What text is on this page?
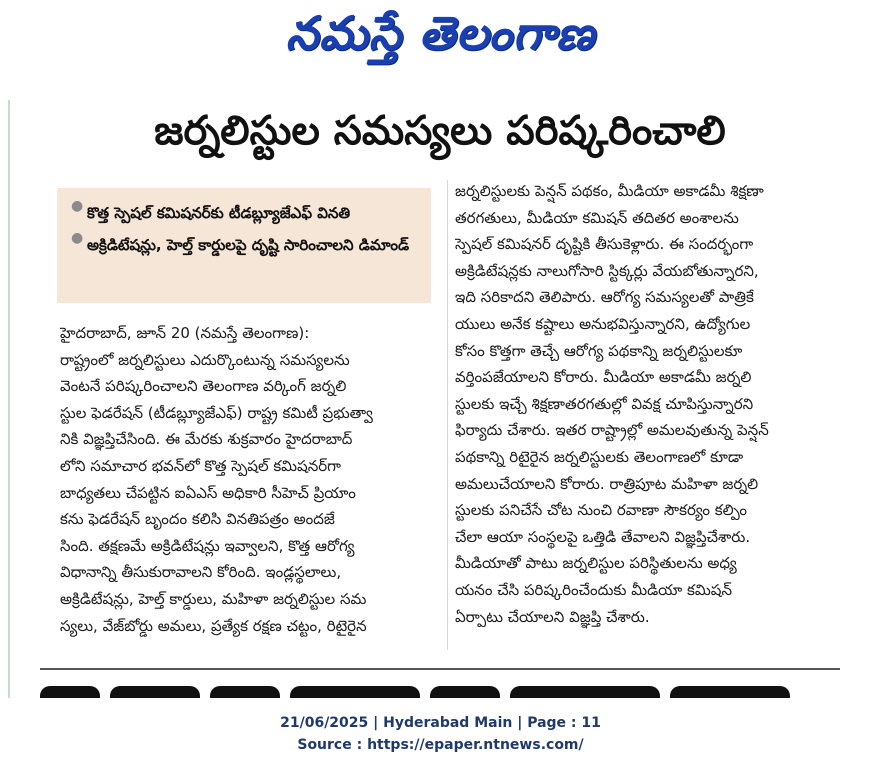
నమస్తే తెలంగాణ
జర్నలిస్టుల సమస్యలు పరిష్కరించాలి
● కొత్త స్పెషల్ కమిషనర్‌కు టీడబ్ల్యూజేఎఫ్ వినతి
● అక్రిడిటేషన్లు, హెల్త్ కార్డులపై దృష్టి సారించాలని డిమాండ్
హైదరాబాద్, జూన్ 20 (నమస్తే తెలంగాణ):
రాష్ట్రంలో జర్నలిస్టులు ఎదుర్కొంటున్న సమస్యలను
వెంటనే పరిష్కరించాలని తెలంగాణ వర్కింగ్ జర్నలి
స్టుల ఫెడరేషన్ (టీడబ్ల్యూజేఎఫ్) రాష్ట్ర కమిటీ ప్రభుత్వా
నికి విజ్ఞప్తిచేసింది. ఈ మేరకు శుక్రవారం హైదరాబాద్
లోని సమాచార భవన్‌లో కొత్త స్పెషల్ కమిషనర్‌గా
బాధ్యతలు చేపట్టిన ఐఏఎస్ అధికారి సీహెచ్ ప్రియాం
కను ఫెడరేషన్ బృందం కలిసి వినతిపత్రం అందజే
సింది. తక్షణమే అక్రిడిటేషన్లు ఇవ్వాలని, కొత్త ఆరోగ్య
విధానాన్ని తీసుకురావాలని కోరింది. ఇండ్లస్థలాలు,
అక్రిడిటేషన్లు, హెల్త్ కార్డులు, మహిళా జర్నలిస్టుల సమ
స్యలు, వేజ్‌బోర్డు అమలు, ప్రత్యేక రక్షణ చట్టం, రిటైరైన
జర్నలిస్టులకు పెన్షన్ పథకం, మీడియా అకాడమీ శిక్షణా
తరగతులు, మీడియా కమిషన్ తదితర అంశాలను
స్పెషల్ కమిషనర్ దృష్టికి తీసుకెళ్లారు. ఈ సందర్భంగా
అక్రిడిటేషన్లకు నాలుగోసారి స్టిక్కర్లు వేయబోతున్నారని,
ఇది సరికాదని తెలిపారు. ఆరోగ్య సమస్యలతో పాత్రికే
యులు అనేక కష్టాలు అనుభవిస్తున్నారని, ఉద్యోగుల
కోసం కొత్తగా తెచ్చే ఆరోగ్య పథకాన్ని జర్నలిస్టులకూ
వర్తింపజేయాలని కోరారు. మీడియా అకాడమీ జర్నలి
స్టులకు ఇచ్చే శిక్షణాతరగతుల్లో వివక్ష చూపిస్తున్నారని
ఫిర్యాదు చేశారు. ఇతర రాష్ట్రాల్లో అమలవుతున్న పెన్షన్
పథకాన్ని రిటైరైన జర్నలిస్టులకు తెలంగాణలో కూడా
అమలుచేయాలని కోరారు. రాత్రిపూట మహిళా జర్నలి
స్టులకు పనిచేసే చోట నుంచి రవాణా సౌకర్యం కల్పిం
చేలా ఆయా సంస్థలపై ఒత్తిడి తేవాలని విజ్ఞప్తిచేశారు.
మీడియాతో పాటు జర్నలిస్టుల పరిస్థితులను అధ్య
యనం చేసి పరిష్కరించేందుకు మీడియా కమిషన్
ఏర్పాటు చేయాలని విజ్ఞప్తి చేశారు.
21/06/2025 | Hyderabad Main | Page : 11
Source : https://epaper.ntnews.com/
